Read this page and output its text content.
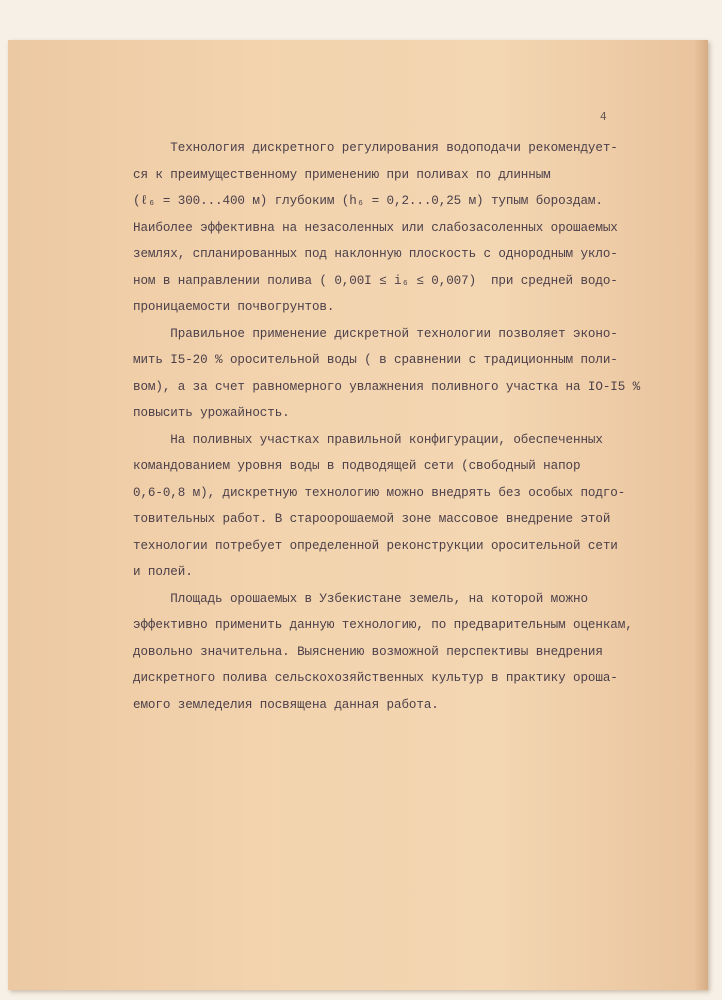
4
Технология дискретного регулирования водоподачи рекомендует-
ся к преимущественному применению при поливах по длинным
(ℓ₆ = 300...400 м) глубоким (h₆ = 0,2...0,25 м) тупым бороздам.
Наиболее эффективна на незасоленных или слабозасоленных орошаемых
землях, спланированных под наклонную плоскость с однородным укло-
ном в направлении полива ( 0,00I ≤ i₆ ≤ 0,007)  при средней водо-
проницаемости почвогрунтов.
Правильное применение дискретной технологии позволяет эконо-
мить I5-20 % оросительной воды ( в сравнении с традиционным поли-
вом), а за счет равномерного увлажнения поливного участка на IO-I5 %
повысить урожайность.
На поливных участках правильной конфигурации, обеспеченных
командованием уровня воды в подводящей сети (свободный напор
0,6-0,8 м), дискретную технологию можно внедрять без особых подго-
товительных работ. В староорошаемой зоне массовое внедрение этой
технологии потребует определенной реконструкции оросительной сети
и полей.
Площадь орошаемых в Узбекистане земель, на которой можно
эффективно применить данную технологию, по предварительным оценкам,
довольно значительна. Выяснению возможной перспективы внедрения
дискретного полива сельскохозяйственных культур в практику ороша-
емого земледелия посвящена данная работа.
